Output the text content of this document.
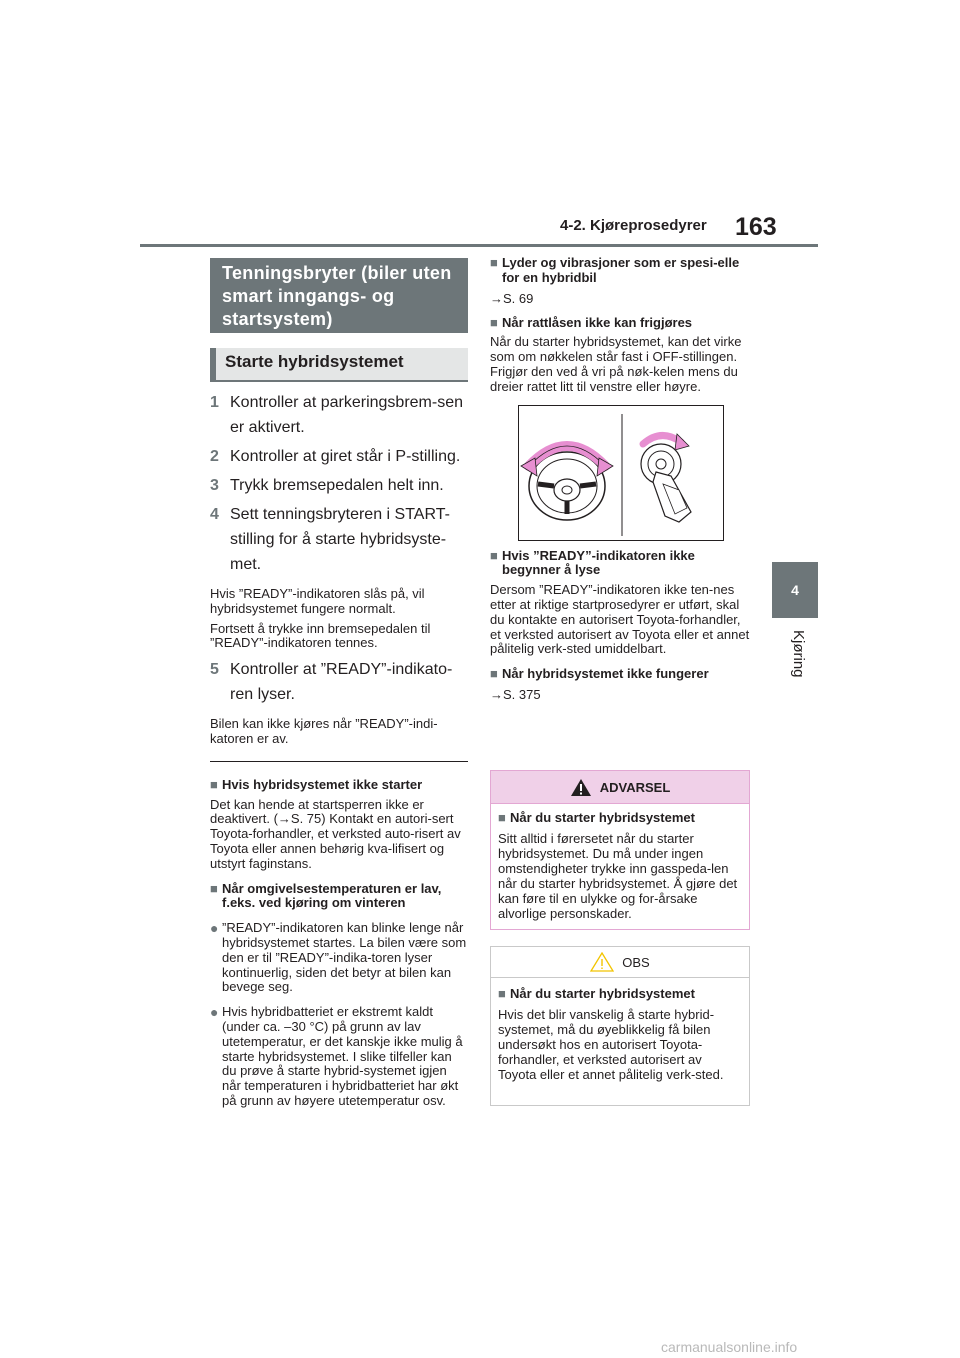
4-2. Kjøreprosedyrer 163
4
Kjøring
Tenningsbryter (biler uten smart inngangs- og startsystem)
Starte hybridsystemet
1 Kontroller at parkeringsbrem-sen er aktivert.
2 Kontroller at giret står i P-stilling.
3 Trykk bremsepedalen helt inn.
4 Sett tenningsbryteren i START-stilling for å starte hybridsyste-met.
Hvis ”READY”-indikatoren slås på, vil hybridsystemet fungere normalt.
Fortsett å trykke inn bremsepedalen til ”READY”-indikatoren tennes.
5 Kontroller at ”READY”-indikato-ren lyser.
Bilen kan ikke kjøres når ”READY”-indi-katoren er av.
■ Hvis hybridsystemet ikke starter
Det kan hende at startsperren ikke er deaktivert. (→S. 75) Kontakt en autori-sert Toyota-forhandler, et verksted auto-risert av Toyota eller annen behørig kva-lifisert og utstyrt faginstans.
■ Når omgivelsestemperaturen er lav, f.eks. ved kjøring om vinteren
● ”READY”-indikatoren kan blinke lenge når hybridsystemet startes. La bilen være som den er til ”READY”-indika-toren lyser kontinuerlig, siden det betyr at bilen kan bevege seg.
● Hvis hybridbatteriet er ekstremt kaldt (under ca. –30 °C) på grunn av lav utetemperatur, er det kanskje ikke mulig å starte hybridsystemet. I slike tilfeller kan du prøve å starte hybrid-systemet igjen når temperaturen i hybridbatteriet har økt på grunn av høyere utetemperatur osv.
■ Lyder og vibrasjoner som er spesi-elle for en hybridbil
→S. 69
■ Når rattlåsen ikke kan frigjøres
Når du starter hybridsystemet, kan det virke som om nøkkelen står fast i OFF-stillingen. Frigjør den ved å vri på nøk-kelen mens du dreier rattet litt til venstre eller høyre.
■ Hvis ”READY”-indikatoren ikke begynner å lyse
Dersom ”READY”-indikatoren ikke ten-nes etter at riktige startprosedyrer er utført, skal du kontakte en autorisert Toyota-forhandler, et verksted autorisert av Toyota eller et annet pålitelig verk-sted umiddelbart.
■ Når hybridsystemet ikke fungerer
→S. 375
ADVARSEL
■ Når du starter hybridsystemet
Sitt alltid i førersetet når du starter hybridsystemet. Du må under ingen omstendigheter trykke inn gasspeda-len når du starter hybridsystemet. Å gjøre det kan føre til en ulykke og for-årsake alvorlige personskader.
OBS
■ Når du starter hybridsystemet
Hvis det blir vanskelig å starte hybrid-systemet, må du øyeblikkelig få bilen undersøkt hos en autorisert Toyota-forhandler, et verksted autorisert av Toyota eller et annet pålitelig verk-sted.
carmanualsonline.info
